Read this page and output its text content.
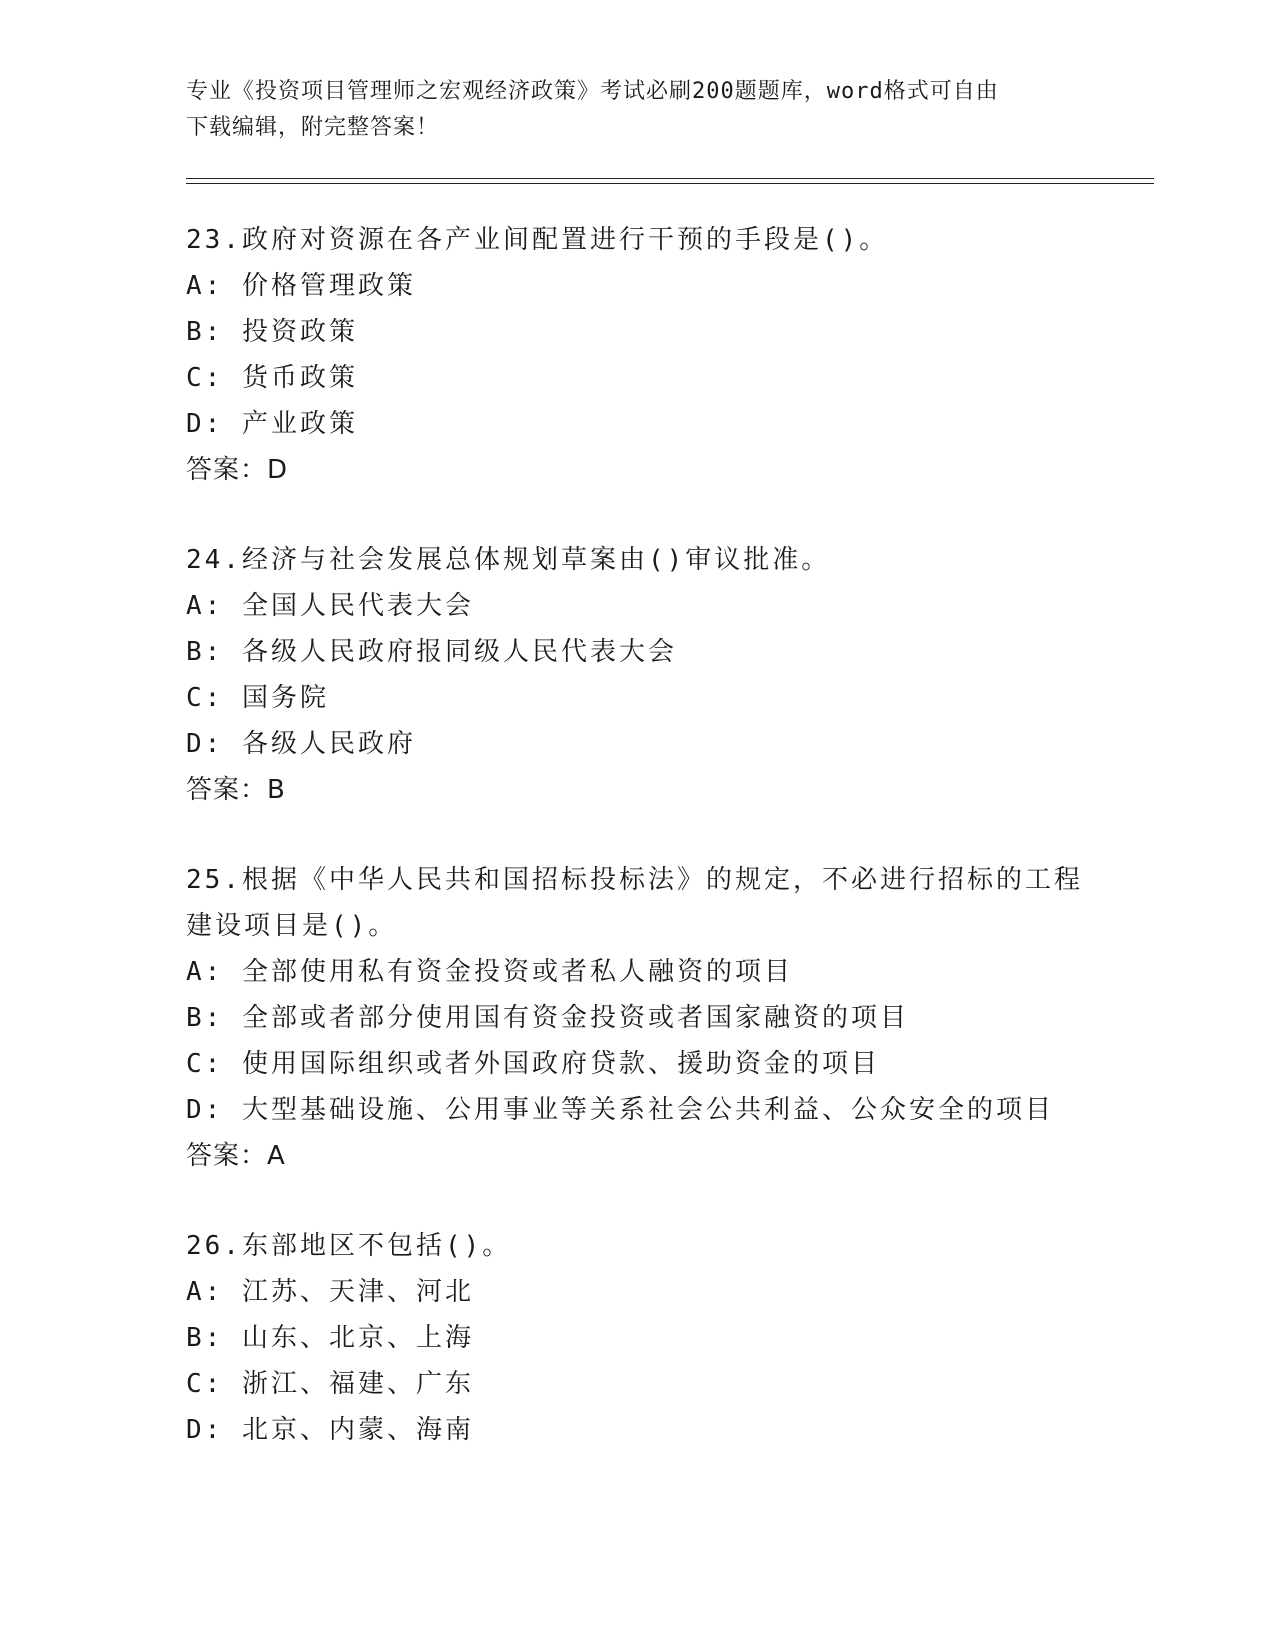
专业《投资项目管理师之宏观经济政策》考试必刷200题题库，word格式可自由
下载编辑，附完整答案！
23.政府对资源在各产业间配置进行干预的手段是()。
A: 价格管理政策
B: 投资政策
C: 货币政策
D: 产业政策
答案：D
24.经济与社会发展总体规划草案由()审议批准。
A: 全国人民代表大会
B: 各级人民政府报同级人民代表大会
C: 国务院
D: 各级人民政府
答案：B
25.根据《中华人民共和国招标投标法》的规定，不必进行招标的工程
建设项目是()。
A: 全部使用私有资金投资或者私人融资的项目
B: 全部或者部分使用国有资金投资或者国家融资的项目
C: 使用国际组织或者外国政府贷款、援助资金的项目
D: 大型基础设施、公用事业等关系社会公共利益、公众安全的项目
答案：A
26.东部地区不包括()。
A: 江苏、天津、河北
B: 山东、北京、上海
C: 浙江、福建、广东
D: 北京、内蒙、海南
